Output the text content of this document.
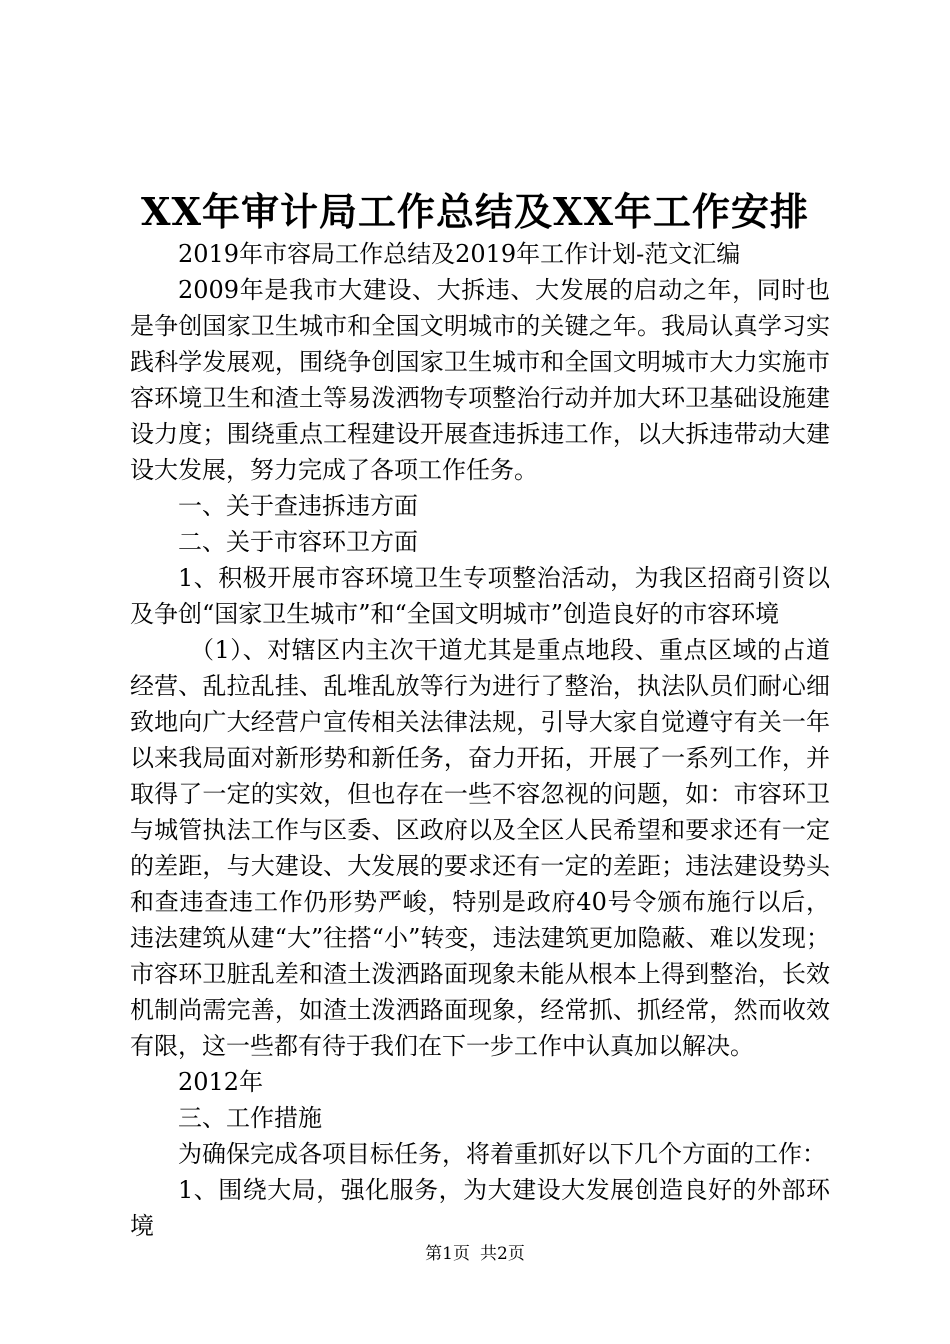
XX年审计局工作总结及XX年工作安排

2019年市容局工作总结及2019年工作计划-范文汇编

2009年是我市大建设、大拆违、大发展的启动之年，同时也是争创国家卫生城市和全国文明城市的关键之年。我局认真学习实践科学发展观，围绕争创国家卫生城市和全国文明城市大力实施市容环境卫生和渣土等易泼洒物专项整治行动并加大环卫基础设施建设力度；围绕重点工程建设开展查违拆违工作，以大拆违带动大建设大发展，努力完成了各项工作任务。

一、关于查违拆违方面

二、关于市容环卫方面

1、积极开展市容环境卫生专项整治活动，为我区招商引资以及争创“国家卫生城市”和“全国文明城市”创造良好的市容环境

（1）、对辖区内主次干道尤其是重点地段、重点区域的占道经营、乱拉乱挂、乱堆乱放等行为进行了整治，执法队员们耐心细致地向广大经营户宣传相关法律法规，引导大家自觉遵守有关一年以来我局面对新形势和新任务，奋力开拓，开展了一系列工作，并取得了一定的实效，但也存在一些不容忽视的问题，如：市容环卫与城管执法工作与区委、区政府以及全区人民希望和要求还有一定的差距，与大建设、大发展的要求还有一定的差距；违法建设势头和查违查违工作仍形势严峻，特别是政府40号令颁布施行以后，违法建筑从建“大”往搭“小”转变，违法建筑更加隐蔽、难以发现；市容环卫脏乱差和渣土泼洒路面现象未能从根本上得到整治，长效机制尚需完善，如渣土泼洒路面现象，经常抓、抓经常，然而收效有限，这一些都有待于我们在下一步工作中认真加以解决。

2012年

三、工作措施

为确保完成各项目标任务，将着重抓好以下几个方面的工作：

1、围绕大局，强化服务，为大建设大发展创造良好的外部环境

第1页 共2页
